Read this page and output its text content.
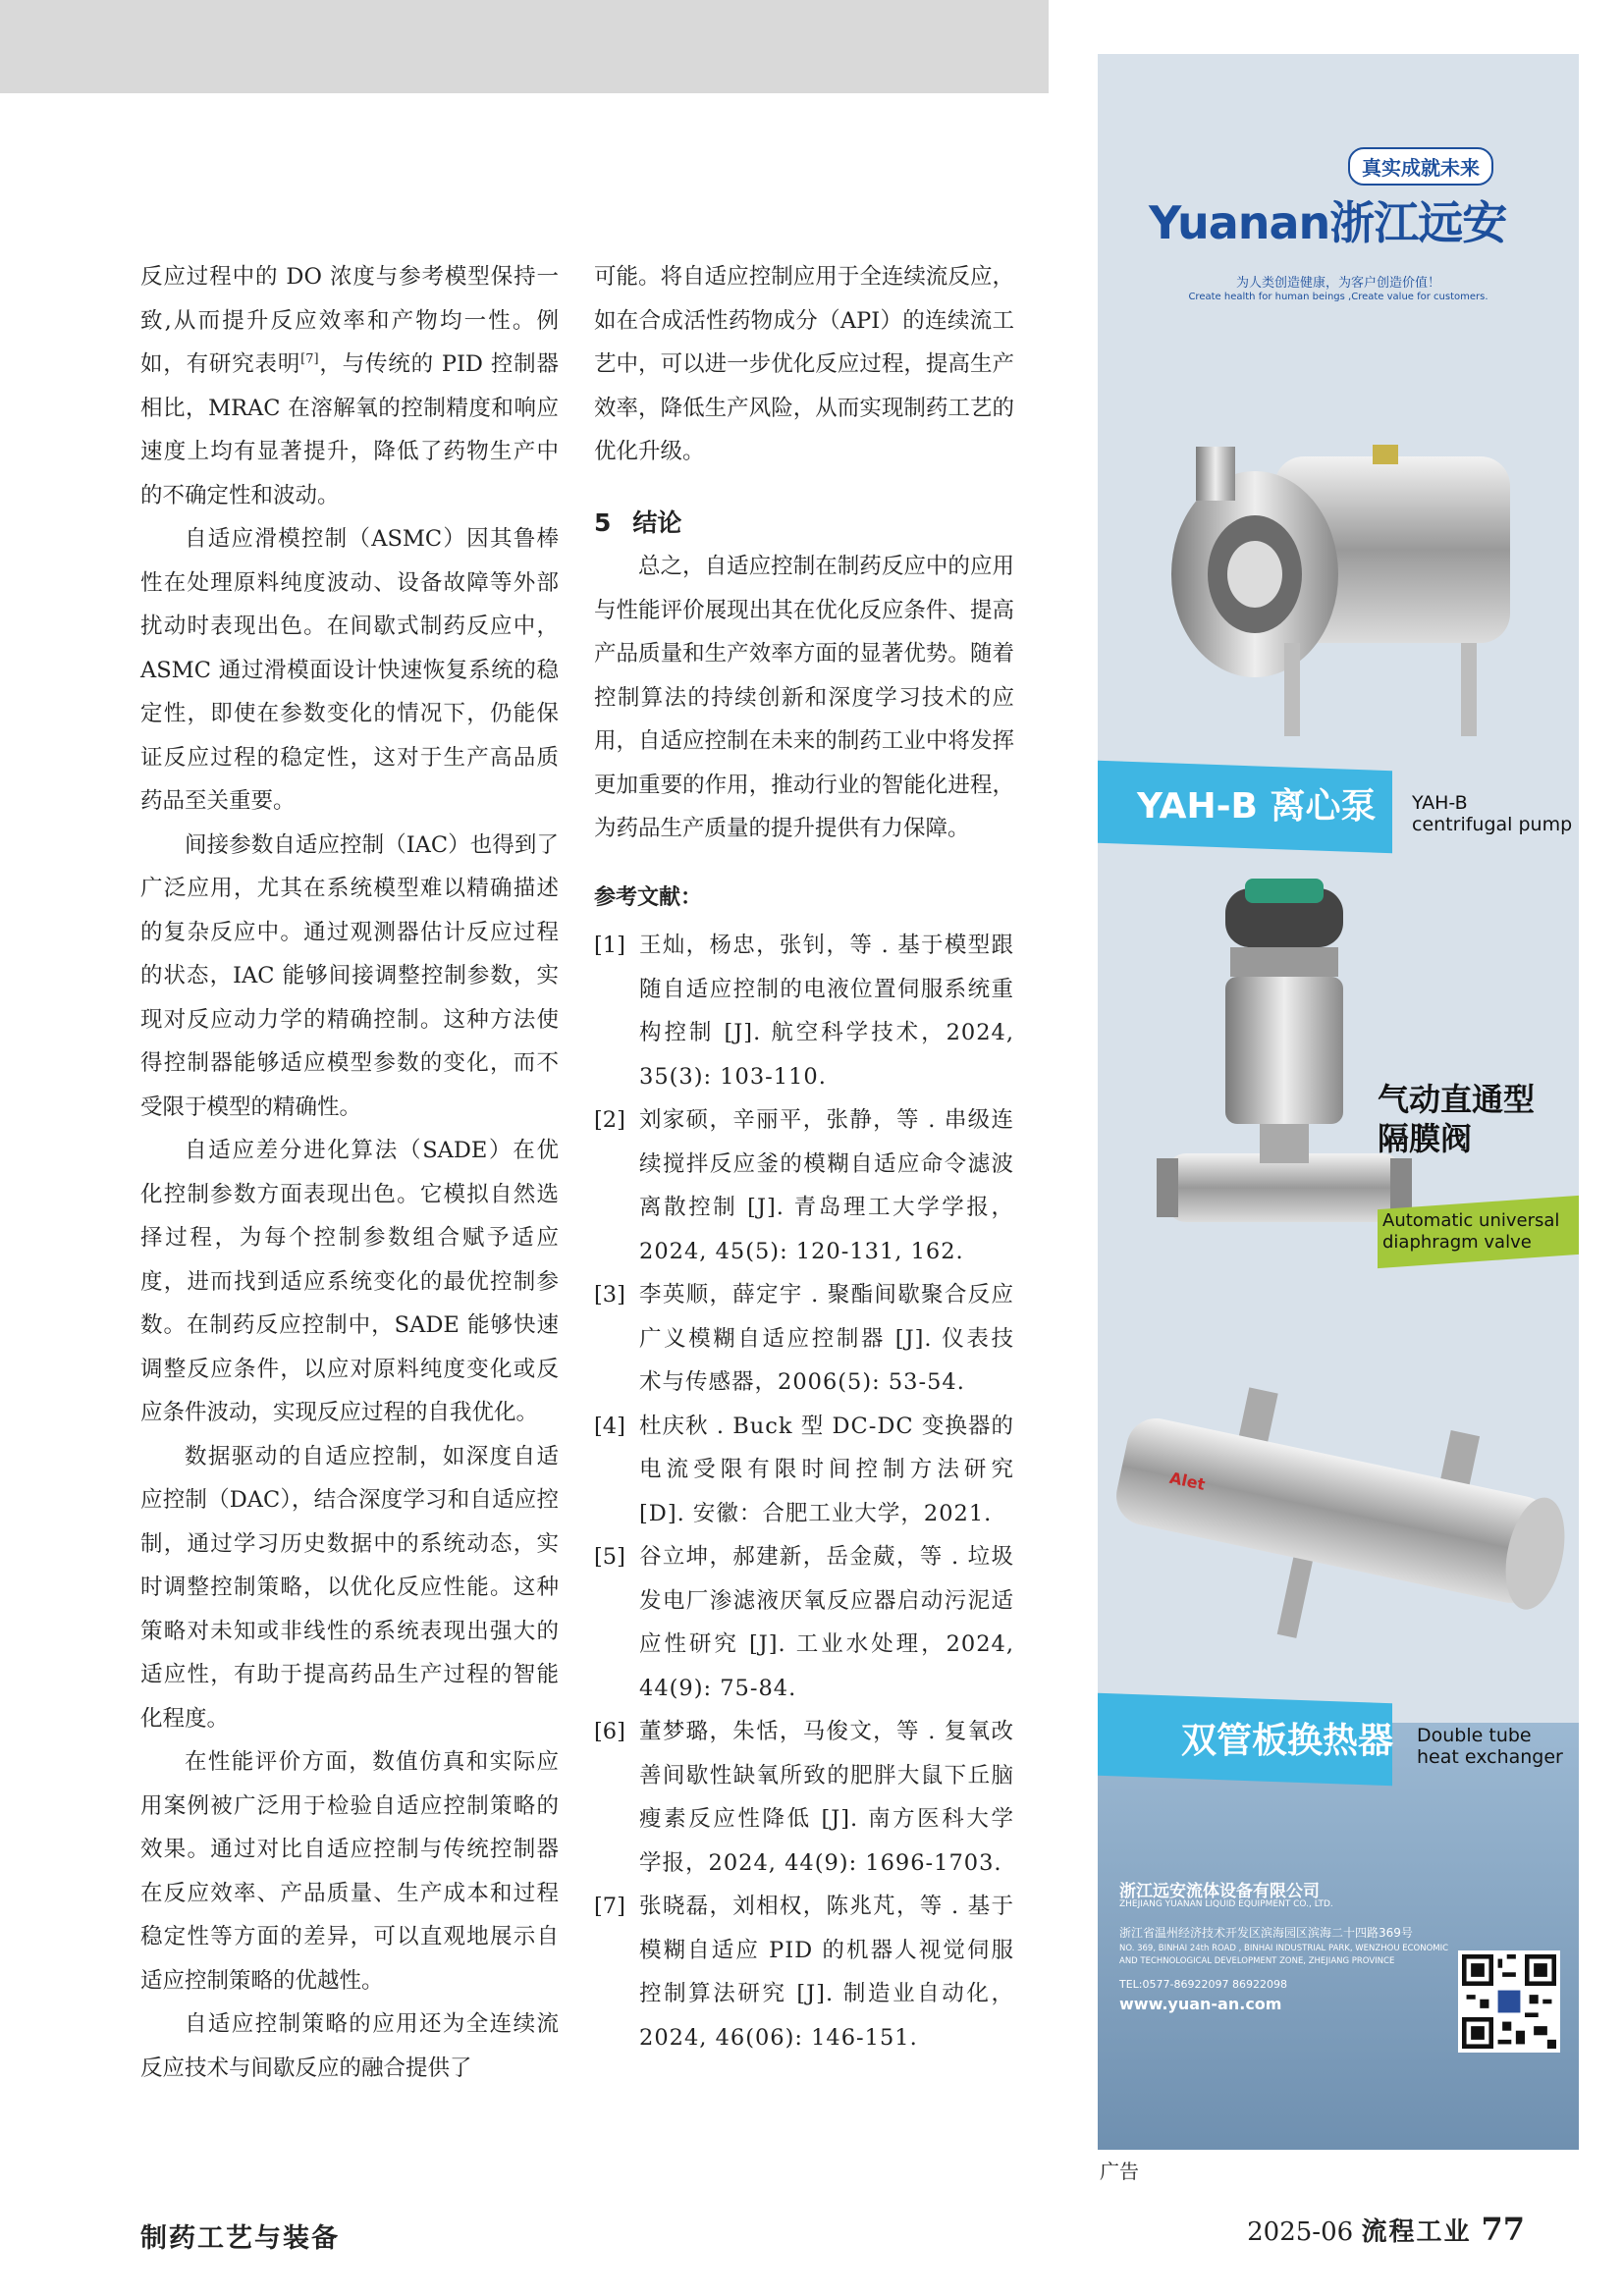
反应过程中的 DO 浓度与参考模型保持一致,从而提升反应效率和产物均一性。例如，有研究表明[7]，与传统的 PID 控制器相比，MRAC 在溶解氧的控制精度和响应速度上均有显著提升，降低了药物生产中的不确定性和波动。

自适应滑模控制（ASMC）因其鲁棒性在处理原料纯度波动、设备故障等外部扰动时表现出色。在间歇式制药反应中，ASMC 通过滑模面设计快速恢复系统的稳定性，即使在参数变化的情况下，仍能保证反应过程的稳定性，这对于生产高品质药品至关重要。

间接参数自适应控制（IAC）也得到了广泛应用，尤其在系统模型难以精确描述的复杂反应中。通过观测器估计反应过程的状态，IAC 能够间接调整控制参数，实现对反应动力学的精确控制。这种方法使得控制器能够适应模型参数的变化，而不受限于模型的精确性。

自适应差分进化算法（SADE）在优化控制参数方面表现出色。它模拟自然选择过程，为每个控制参数组合赋予适应度，进而找到适应系统变化的最优控制参数。在制药反应控制中，SADE 能够快速调整反应条件，以应对原料纯度变化或反应条件波动，实现反应过程的自我优化。

数据驱动的自适应控制，如深度自适应控制（DAC），结合深度学习和自适应控制，通过学习历史数据中的系统动态，实时调整控制策略，以优化反应性能。这种策略对未知或非线性的系统表现出强大的适应性，有助于提高药品生产过程的智能化程度。

在性能评价方面，数值仿真和实际应用案例被广泛用于检验自适应控制策略的效果。通过对比自适应控制与传统控制器在反应效率、产品质量、生产成本和过程稳定性等方面的差异，可以直观地展示自适应控制策略的优越性。

自适应控制策略的应用还为全连续流反应技术与间歇反应的融合提供了

可能。将自适应控制应用于全连续流反应，如在合成活性药物成分（API）的连续流工艺中，可以进一步优化反应过程，提高生产效率，降低生产风险，从而实现制药工艺的优化升级。

5 结论

总之，自适应控制在制药反应中的应用与性能评价展现出其在优化反应条件、提高产品质量和生产效率方面的显著优势。随着控制算法的持续创新和深度学习技术的应用，自适应控制在未来的制药工业中将发挥更加重要的作用，推动行业的智能化进程，为药品生产质量的提升提供有力保障。

参考文献：

[1] 王灿，杨忠，张钊，等 . 基于模型跟随自适应控制的电液位置伺服系统重构控制 [J]. 航空科学技术，2024, 35(3): 103-110.
[2] 刘家硕，辛丽平，张静，等 . 串级连续搅拌反应釜的模糊自适应命令滤波离散控制 [J]. 青岛理工大学学报，2024, 45(5): 120-131, 162.
[3] 李英顺，薛定宇 . 聚酯间歇聚合反应广义模糊自适应控制器 [J]. 仪表技术与传感器，2006(5): 53-54.
[4] 杜庆秋 . Buck 型 DC-DC 变换器的电流受限有限时间控制方法研究 [D]. 安徽：合肥工业大学，2021.
[5] 谷立坤，郝建新，岳金葳，等 . 垃圾发电厂渗滤液厌氧反应器启动污泥适应性研究 [J]. 工业水处理，2024, 44(9): 75-84.
[6] 董梦璐，朱恬，马俊文，等 . 复氧改善间歇性缺氧所致的肥胖大鼠下丘脑瘦素反应性降低 [J]. 南方医科大学学报，2024, 44(9): 1696-1703.
[7] 张晓磊，刘相权，陈兆芃，等 . 基于模糊自适应 PID 的机器人视觉伺服控制算法研究 [J]. 制造业自动化，2024, 46(06): 146-151.
真实成就未来
Yuanan浙江远安
为人类创造健康，为客户创造价值！
Create health for human beings ,Create value for customers.
YAH-B 离心泵 YAH-B
centrifugal pump
气动直通型
隔膜阀
Automatic universal
diaphragm valve
Alet
双管板换热器 Double tube
heat exchanger
浙江远安流体设备有限公司
ZHEJIANG YUANAN LIQUID EQUIPMENT CO., LTD.
浙江省温州经济技术开发区滨海园区滨海二十四路369号
NO. 369, BINHAI 24th ROAD , BINHAI INDUSTRIAL PARK, WENZHOU ECONOMIC
AND TECHNOLOGICAL DEVELOPMENT ZONE, ZHEJIANG PROVINCE
TEL:0577-86922097 86922098
www.yuan-an.com
广告
制药工艺与装备	2025-06 流程工业 77
